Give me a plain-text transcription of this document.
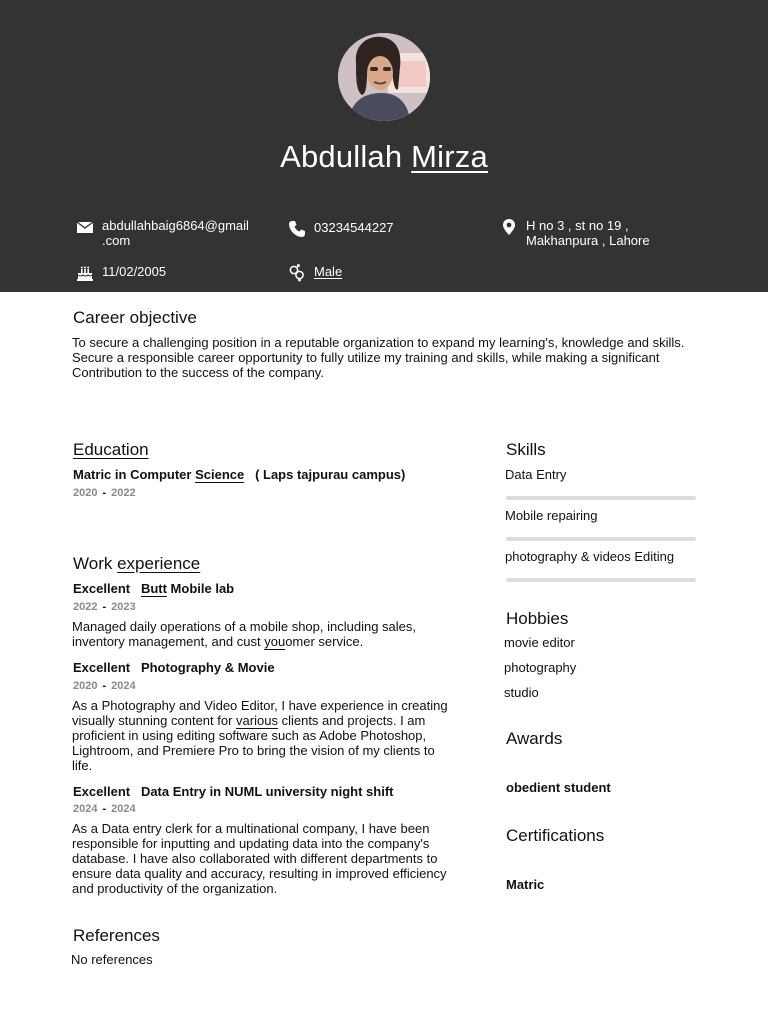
Abdullah Mirza
abdullahbaig6864@gmail
.com
03234544227	H no 3 , st no 19 ,
Makhanpura , Lahore
11/02/2005	Male
Career objective
To secure a challenging position in a reputable organization to expand my learning's, knowledge and skills.
Secure a responsible career opportunity to fully utilize my training and skills, while making a significant
Contribution to the success of the company.
Education
Matric in Computer Science   ( Laps tajpurau campus)
2020 - 2022
Work experience
Excellent Butt Mobile lab
2022 - 2023
Managed daily operations of a mobile shop, including sales,
inventory management, and cust youomer service.
Excellent Photography & Movie
2020 - 2024
As a Photography and Video Editor, I have experience in creating
visually stunning content for various clients and projects. I am
proficient in using editing software such as Adobe Photoshop,
Lightroom, and Premiere Pro to bring the vision of my clients to
life.
Excellent Data Entry in NUML university night shift
2024 - 2024
As a Data entry clerk for a multinational company, I have been
responsible for inputting and updating data into the company's
database. I have also collaborated with different departments to
ensure data quality and accuracy, resulting in improved efficiency
and productivity of the organization.
References
No references
Skills
Data Entry
Mobile repairing
photography & videos Editing
Hobbies
movie editor
photography
studio
Awards
obedient student
Certifications
Matric
